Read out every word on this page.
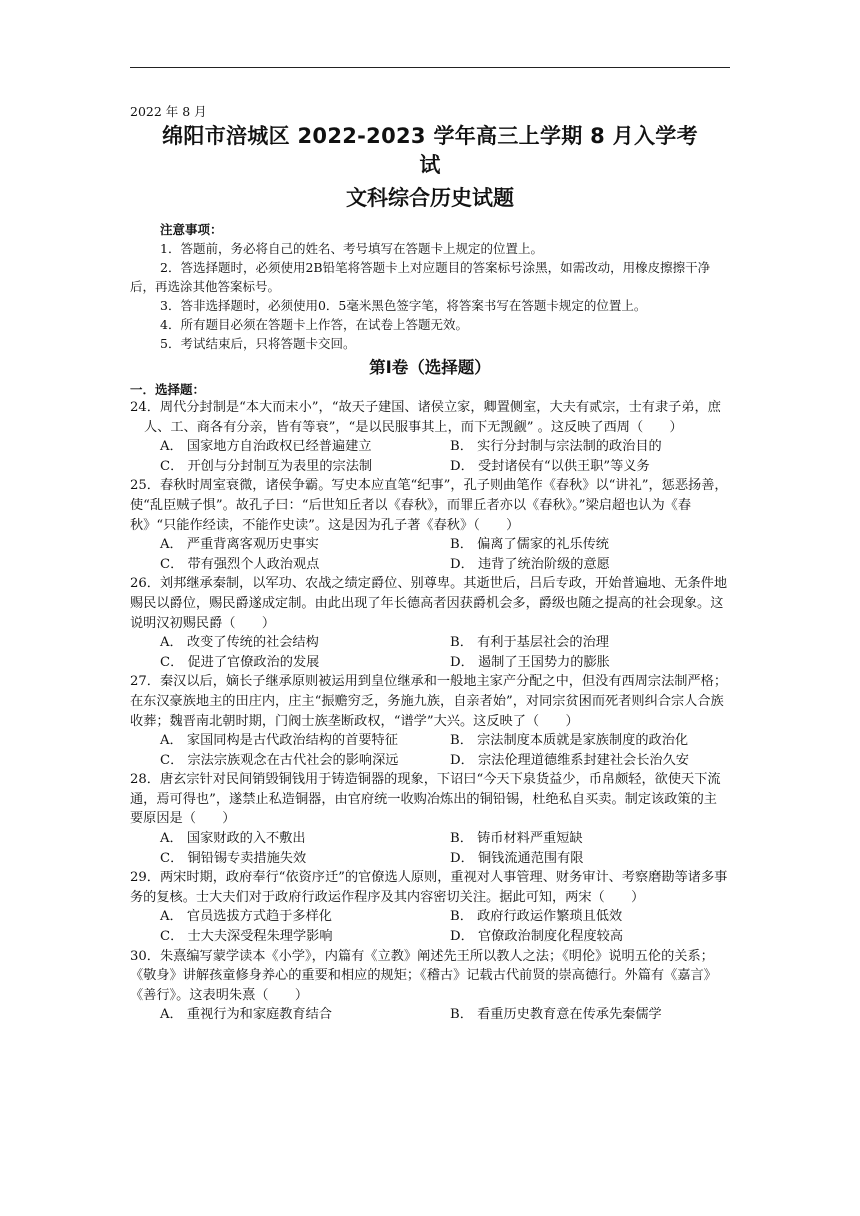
2022 年 8 月
绵阳市涪城区 2022-2023 学年高三上学期 8 月入学考
试
文科综合历史试题
注意事项：
1．答题前，务必将自己的姓名、考号填写在答题卡上规定的位置上。
2．答选择题时，必须使用2B铅笔将答题卡上对应题目的答案标号涂黑，如需改动，用橡皮擦擦干净后，再选涂其他答案标号。
3．答非选择题时，必须使用0．5毫米黑色签字笔，将答案书写在答题卡规定的位置上。
4．所有题目必须在答题卡上作答，在试卷上答题无效。
5．考试结束后，只将答题卡交回。
第Ⅰ卷（选择题）
一．选择题：

24．周代分封制是“本大而末小”，“故天子建国、诸侯立家，卿置侧室，大夫有贰宗，士有隶子弟，庶

人、工、商各有分亲，皆有等衰”，“是以民服事其上，而下无觊觎” 。这反映了西周（　　）

A． 国家地方自治政权已经普遍建立	B． 实行分封制与宗法制的政治目的
C． 开创与分封制互为表里的宗法制	D． 受封诸侯有“以供王职”等义务

25．春秋时周室衰微，诸侯争霸。写史本应直笔“纪事”，孔子则曲笔作《春秋》以“讲礼”，惩恶扬善，使“乱臣贼子惧”。故孔子曰：“后世知丘者以《春秋》，而罪丘者亦以《春秋》。”梁启超也认为《春秋》“只能作经读，不能作史读”。这是因为孔子著《春秋》（　　）

A． 严重背离客观历史事实	B． 偏离了儒家的礼乐传统
C． 带有强烈个人政治观点	D． 违背了统治阶级的意愿

26．刘邦继承秦制，以军功、农战之绩定爵位、别尊卑。其逝世后，吕后专政，开始普遍地、无条件地赐民以爵位，赐民爵遂成定制。由此出现了年长德高者因获爵机会多，爵级也随之提高的社会现象。这说明汉初赐民爵（　　）

A． 改变了传统的社会结构	B． 有利于基层社会的治理
C． 促进了官僚政治的发展	D． 遏制了王国势力的膨胀

27．秦汉以后，嫡长子继承原则被运用到皇位继承和一般地主家产分配之中，但没有西周宗法制严格；在东汉豪族地主的田庄内，庄主“振赡穷乏，务施九族，自亲者始”，对同宗贫困而死者则纠合宗人合族收葬；魏晋南北朝时期，门阀士族垄断政权，“谱学”大兴。这反映了（　　）

A． 家国同构是古代政治结构的首要特征	B． 宗法制度本质就是家族制度的政治化
C． 宗法宗族观念在古代社会的影响深远	D． 宗法伦理道德维系封建社会长治久安

28．唐玄宗针对民间销毁铜钱用于铸造铜器的现象，下诏曰“今天下泉货益少，币帛颇轻，欲使天下流通，焉可得也”，遂禁止私造铜器，由官府统一收购冶炼出的铜铅锡，杜绝私自买卖。制定该政策的主要原因是（　　）

A． 国家财政的入不敷出	B． 铸币材料严重短缺
C． 铜铅锡专卖措施失效	D． 铜钱流通范围有限

29．两宋时期，政府奉行“依资序迁”的官僚选人原则，重视对人事管理、财务审计、考察磨勘等诸多事务的复核。士大夫们对于政府行政运作程序及其内容密切关注。据此可知，两宋（　　）

A． 官员选拔方式趋于多样化	B． 政府行政运作繁琐且低效
C． 士大夫深受程朱理学影响	D． 官僚政治制度化程度较高

30．朱熹编写蒙学读本《小学》，内篇有《立教》阐述先王所以教人之法；《明伦》说明五伦的关系；《敬身》讲解孩童修身养心的重要和相应的规矩；《稽古》记载古代前贤的崇高德行。外篇有《嘉言》《善行》。这表明朱熹（　　）

A． 重视行为和家庭教育结合	B． 看重历史教育意在传承先秦儒学
